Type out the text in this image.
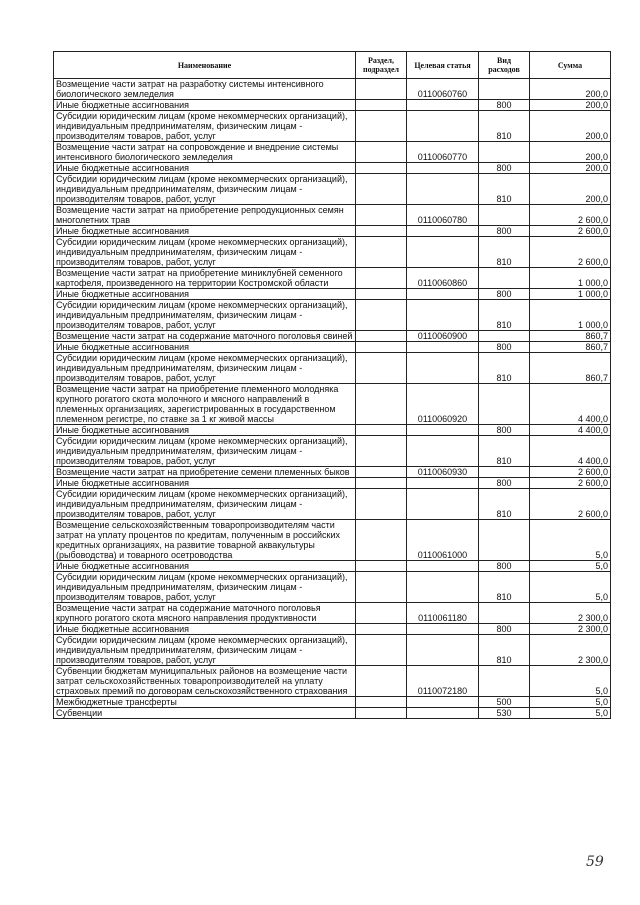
Наименование	Раздел, подраздел	Целевая статья	Вид расходов	Сумма
Возмещение части затрат на разработку системы интенсивного биологического земледелия		0110060760		200,0
Иные бюджетные ассигнования			800	200,0
Субсидии юридическим лицам (кроме некоммерческих организаций), индивидуальным предпринимателям, физическим лицам - производителям товаров, работ, услуг			810	200,0
Возмещение части затрат на сопровождение и внедрение системы интенсивного биологического земледелия		0110060770		200,0
Иные бюджетные ассигнования			800	200,0
Субсидии юридическим лицам (кроме некоммерческих организаций), индивидуальным предпринимателям, физическим лицам - производителям товаров, работ, услуг			810	200,0
Возмещение части затрат на приобретение репродукционных семян многолетних трав		0110060780		2 600,0
Иные бюджетные ассигнования			800	2 600,0
Субсидии юридическим лицам (кроме некоммерческих организаций), индивидуальным предпринимателям, физическим лицам - производителям товаров, работ, услуг			810	2 600,0
Возмещение части затрат на приобретение миниклубней семенного картофеля, произведенного на территории Костромской области		0110060860		1 000,0
Иные бюджетные ассигнования			800	1 000,0
Субсидии юридическим лицам (кроме некоммерческих организаций), индивидуальным предпринимателям, физическим лицам - производителям товаров, работ, услуг			810	1 000,0
Возмещение части затрат на содержание маточного поголовья свиней		0110060900		860,7
Иные бюджетные ассигнования			800	860,7
Субсидии юридическим лицам (кроме некоммерческих организаций), индивидуальным предпринимателям, физическим лицам - производителям товаров, работ, услуг			810	860,7
Возмещение части затрат на приобретение племенного молодняка крупного рогатого скота молочного и мясного направлений в племенных организациях, зарегистрированных в государственном племенном регистре, по ставке за 1 кг живой массы		0110060920		4 400,0
Иные бюджетные ассигнования			800	4 400,0
Субсидии юридическим лицам (кроме некоммерческих организаций), индивидуальным предпринимателям, физическим лицам - производителям товаров, работ, услуг			810	4 400,0
Возмещение части затрат на приобретение семени племенных быков		0110060930		2 600,0
Иные бюджетные ассигнования			800	2 600,0
Субсидии юридическим лицам (кроме некоммерческих организаций), индивидуальным предпринимателям, физическим лицам - производителям товаров, работ, услуг			810	2 600,0
Возмещение сельскохозяйственным товаропроизводителям части затрат на уплату процентов по кредитам, полученным в российских кредитных организациях, на развитие товарной аквакультуры (рыбоводства) и товарного осетроводства		0110061000		5,0
Иные бюджетные ассигнования			800	5,0
Субсидии юридическим лицам (кроме некоммерческих организаций), индивидуальным предпринимателям, физическим лицам - производителям товаров, работ, услуг			810	5,0
Возмещение части затрат на содержание маточного поголовья крупного рогатого скота мясного направления продуктивности		0110061180		2 300,0
Иные бюджетные ассигнования			800	2 300,0
Субсидии юридическим лицам (кроме некоммерческих организаций), индивидуальным предпринимателям, физическим лицам - производителям товаров, работ, услуг			810	2 300,0
Субвенции бюджетам муниципальных районов на возмещение части затрат сельскохозяйственных товаропроизводителей на уплату страховых премий по договорам сельскохозяйственного страхования		0110072180		5,0
Межбюджетные трансферты			500	5,0
Субвенции			530	5,0
59
